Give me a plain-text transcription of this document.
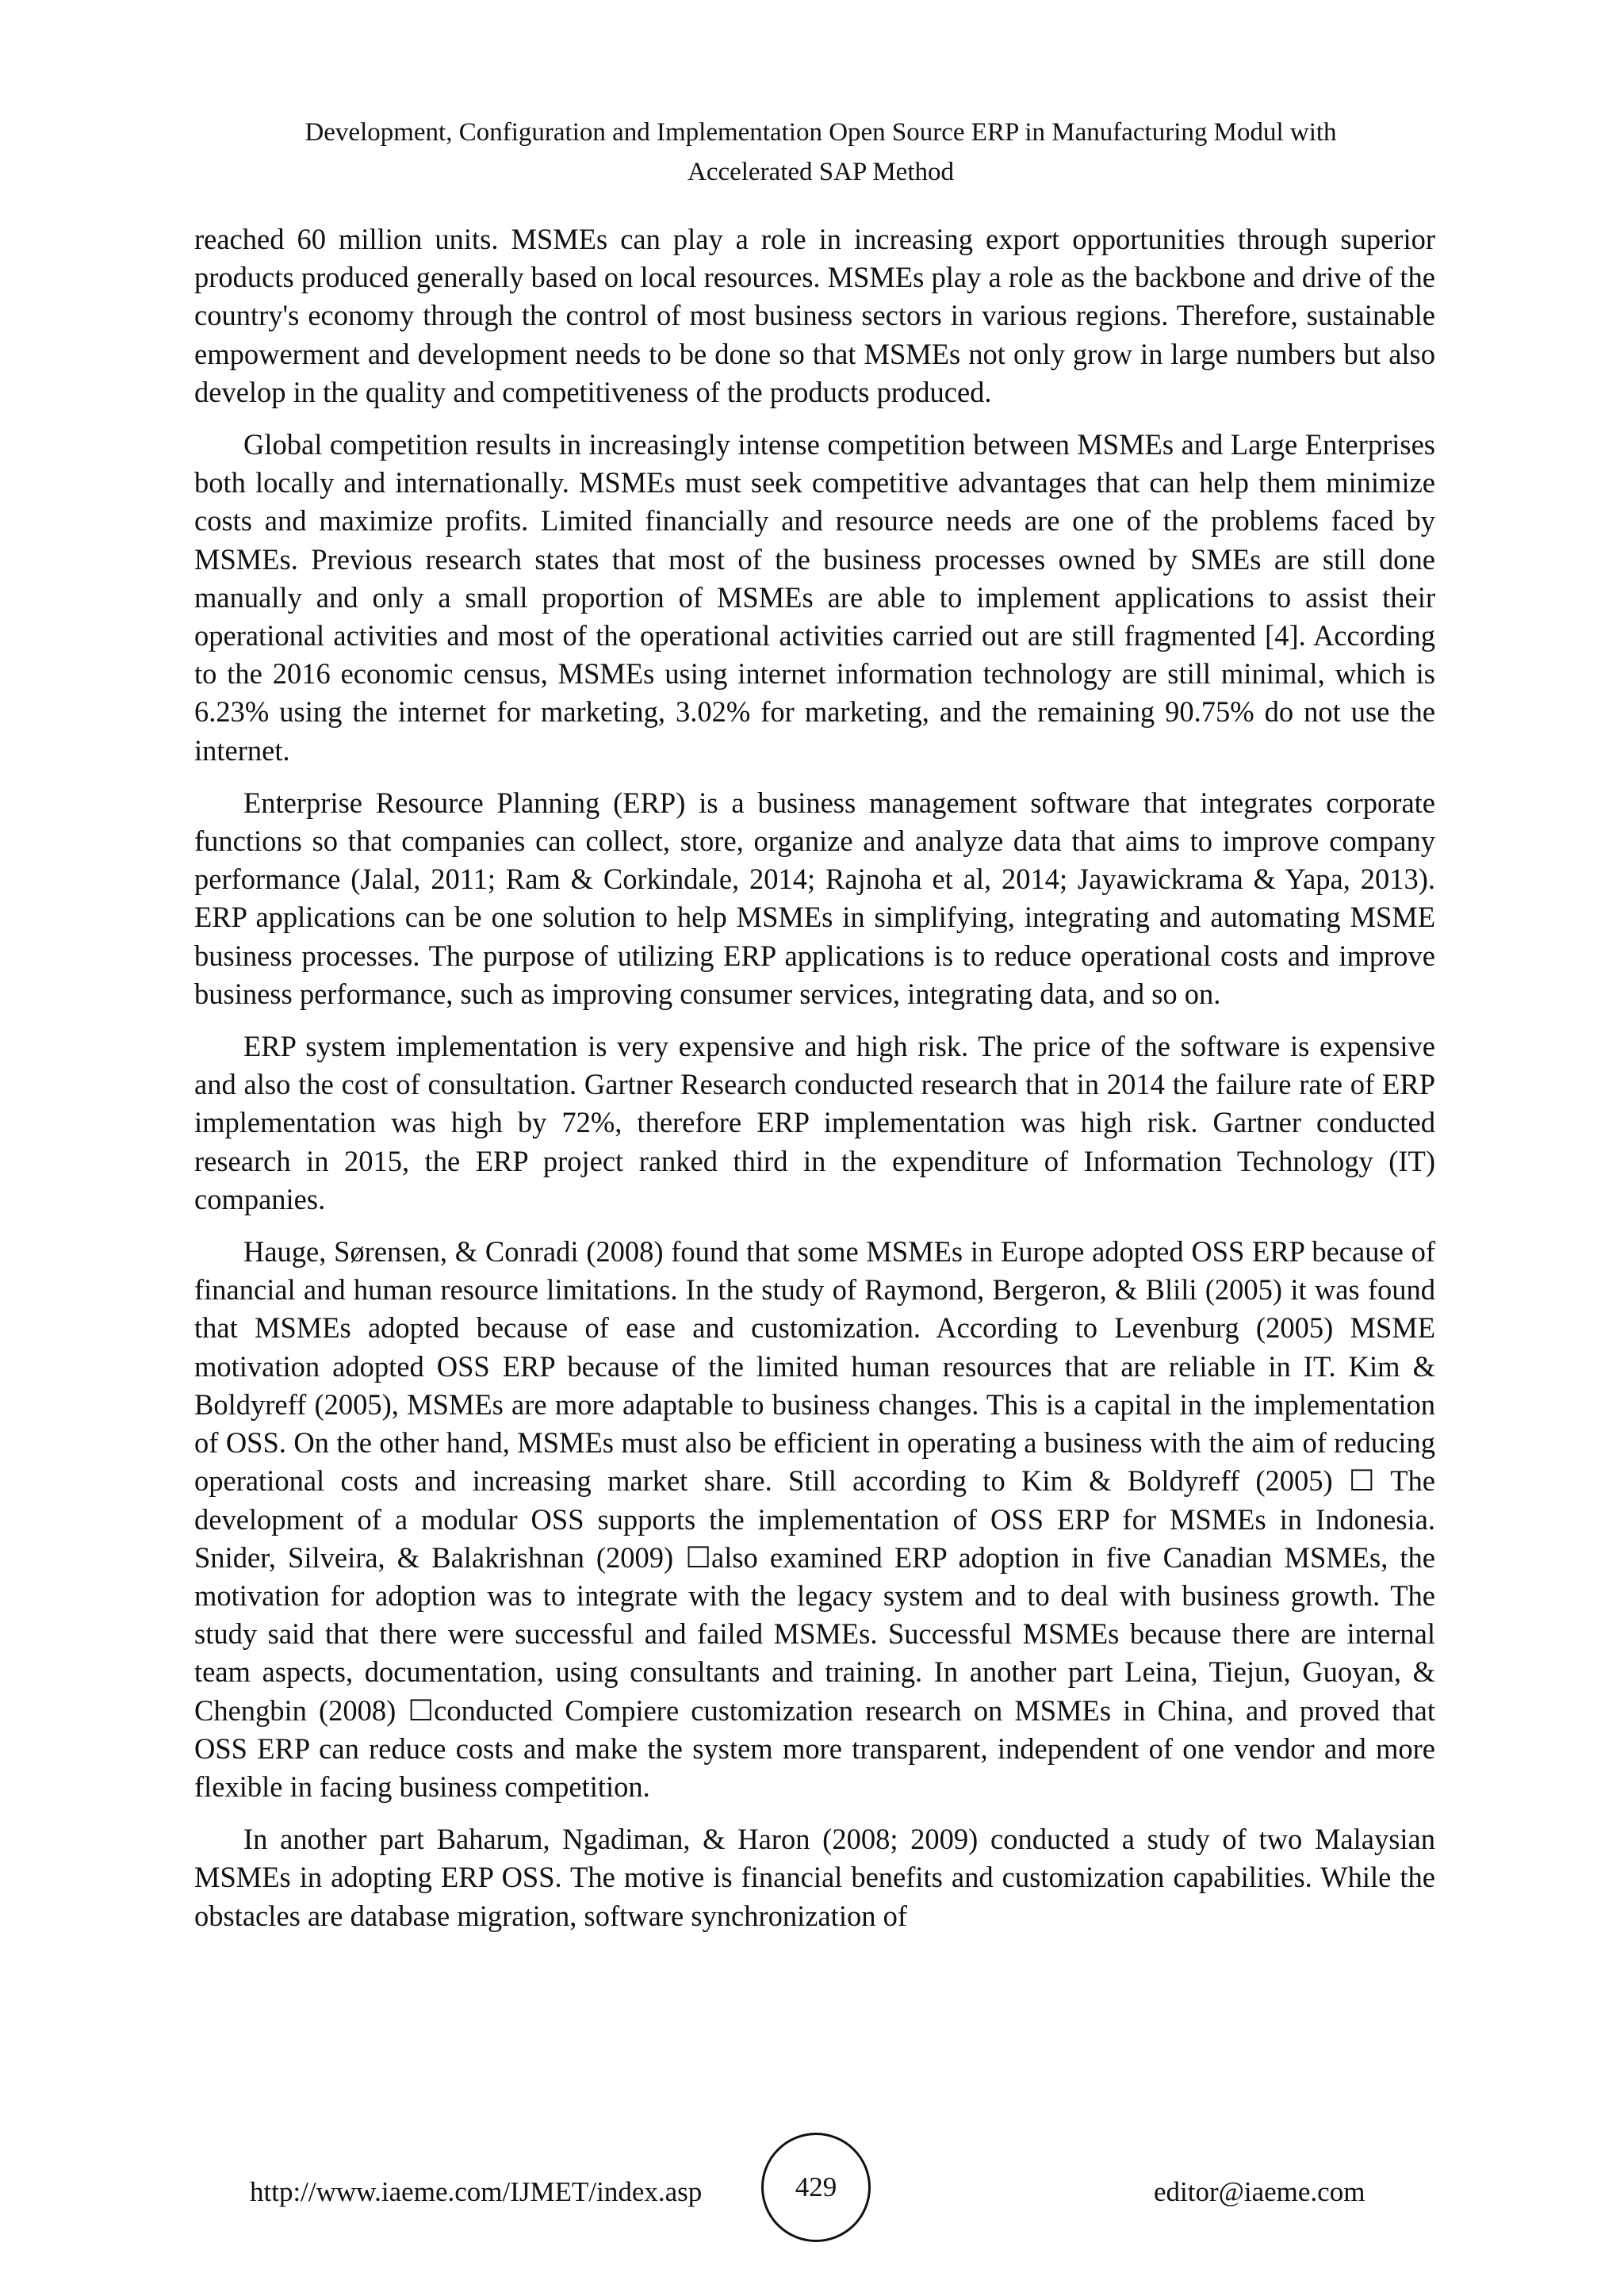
Development, Configuration and Implementation Open Source ERP in Manufacturing Modul with
Accelerated SAP Method

reached 60 million units. MSMEs can play a role in increasing export opportunities through superior products produced generally based on local resources. MSMEs play a role as the backbone and drive of the country's economy through the control of most business sectors in various regions. Therefore, sustainable empowerment and development needs to be done so that MSMEs not only grow in large numbers but also develop in the quality and competitiveness of the products produced.

Global competition results in increasingly intense competition between MSMEs and Large Enterprises both locally and internationally. MSMEs must seek competitive advantages that can help them minimize costs and maximize profits. Limited financially and resource needs are one of the problems faced by MSMEs. Previous research states that most of the business processes owned by SMEs are still done manually and only a small proportion of MSMEs are able to implement applications to assist their operational activities and most of the operational activities carried out are still fragmented [4]. According to the 2016 economic census, MSMEs using internet information technology are still minimal, which is 6.23% using the internet for marketing, 3.02% for marketing, and the remaining 90.75% do not use the internet.

Enterprise Resource Planning (ERP) is a business management software that integrates corporate functions so that companies can collect, store, organize and analyze data that aims to improve company performance (Jalal, 2011; Ram & Corkindale, 2014; Rajnoha et al, 2014; Jayawickrama & Yapa, 2013). ERP applications can be one solution to help MSMEs in simplifying, integrating and automating MSME business processes. The purpose of utilizing ERP applications is to reduce operational costs and improve business performance, such as improving consumer services, integrating data, and so on.

ERP system implementation is very expensive and high risk. The price of the software is expensive and also the cost of consultation. Gartner Research conducted research that in 2014 the failure rate of ERP implementation was high by 72%, therefore ERP implementation was high risk. Gartner conducted research in 2015, the ERP project ranked third in the expenditure of Information Technology (IT) companies.

Hauge, Sørensen, & Conradi (2008) found that some MSMEs in Europe adopted OSS ERP because of financial and human resource limitations. In the study of Raymond, Bergeron, & Blili (2005) it was found that MSMEs adopted because of ease and customization. According to Levenburg (2005) MSME motivation adopted OSS ERP because of the limited human resources that are reliable in IT. Kim & Boldyreff (2005), MSMEs are more adaptable to business changes. This is a capital in the implementation of OSS. On the other hand, MSMEs must also be efficient in operating a business with the aim of reducing operational costs and increasing market share. Still according to Kim & Boldyreff (2005) ☐ The development of a modular OSS supports the implementation of OSS ERP for MSMEs in Indonesia. Snider, Silveira, & Balakrishnan (2009) ☐also examined ERP adoption in five Canadian MSMEs, the motivation for adoption was to integrate with the legacy system and to deal with business growth. The study said that there were successful and failed MSMEs. Successful MSMEs because there are internal team aspects, documentation, using consultants and training. In another part Leina, Tiejun, Guoyan, & Chengbin (2008) ☐conducted Compiere customization research on MSMEs in China, and proved that OSS ERP can reduce costs and make the system more transparent, independent of one vendor and more flexible in facing business competition.

In another part Baharum, Ngadiman, & Haron (2008; 2009) conducted a study of two Malaysian MSMEs in adopting ERP OSS. The motive is financial benefits and customization capabilities. While the obstacles are database migration, software synchronization of

http://www.iaeme.com/IJMET/index.asp	429	editor@iaeme.com
